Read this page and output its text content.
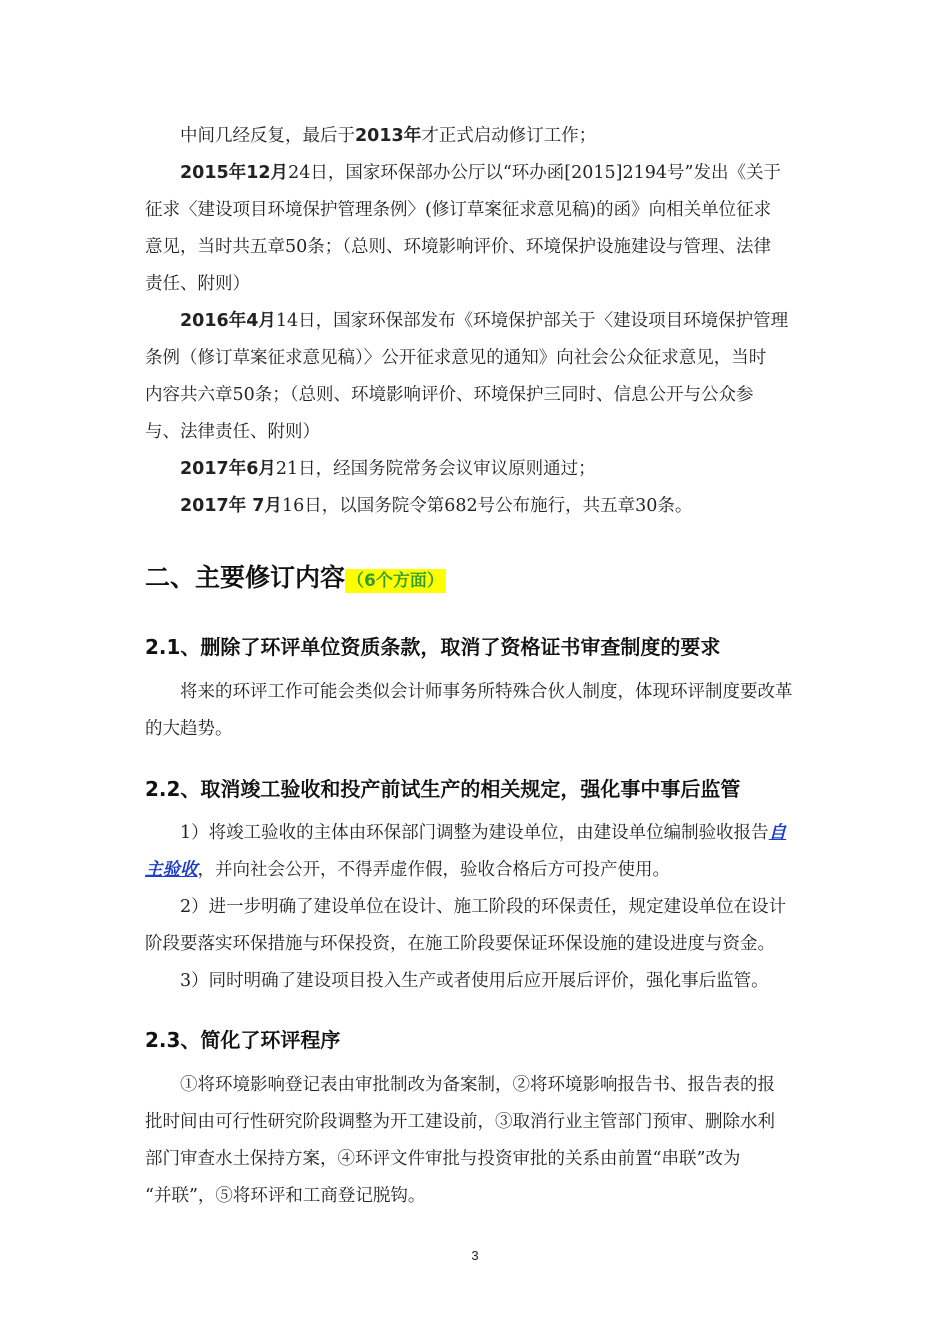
中间几经反复，最后于2013年才正式启动修订工作；

2015年12月24日，国家环保部办公厅以“环办函[2015]2194号”发出《关于
征求〈建设项目环境保护管理条例〉(修订草案征求意见稿)的函》向相关单位征求
意见，当时共五章50条；（总则、环境影响评价、环境保护设施建设与管理、法律
责任、附则）

2016年4月14日，国家环保部发布《环境保护部关于〈建设项目环境保护管理
条例（修订草案征求意见稿）〉公开征求意见的通知》向社会公众征求意见，当时
内容共六章50条；（总则、环境影响评价、环境保护三同时、信息公开与公众参
与、法律责任、附则）

2017年6月21日，经国务院常务会议审议原则通过；

2017年 7月16日，以国务院令第682号公布施行，共五章30条。

二、主要修订内容 （6个方面）
2.1、删除了环评单位资质条款，取消了资格证书审查制度的要求

将来的环评工作可能会类似会计师事务所特殊合伙人制度，体现环评制度要改革
的大趋势。

2.2、取消竣工验收和投产前试生产的相关规定，强化事中事后监管

1）将竣工验收的主体由环保部门调整为建设单位，由建设单位编制验收报告自
主验收，并向社会公开，不得弄虚作假，验收合格后方可投产使用。
2）进一步明确了建设单位在设计、施工阶段的环保责任，规定建设单位在设计
阶段要落实环保措施与环保投资，在施工阶段要保证环保设施的建设进度与资金。
3）同时明确了建设项目投入生产或者使用后应开展后评价，强化事后监管。

2.3、简化了环评程序

①将环境影响登记表由审批制改为备案制，②将环境影响报告书、报告表的报
批时间由可行性研究阶段调整为开工建设前，③取消行业主管部门预审、删除水利
部门审查水土保持方案，④环评文件审批与投资审批的关系由前置“串联”改为
“并联”，⑤将环评和工商登记脱钩。

3
